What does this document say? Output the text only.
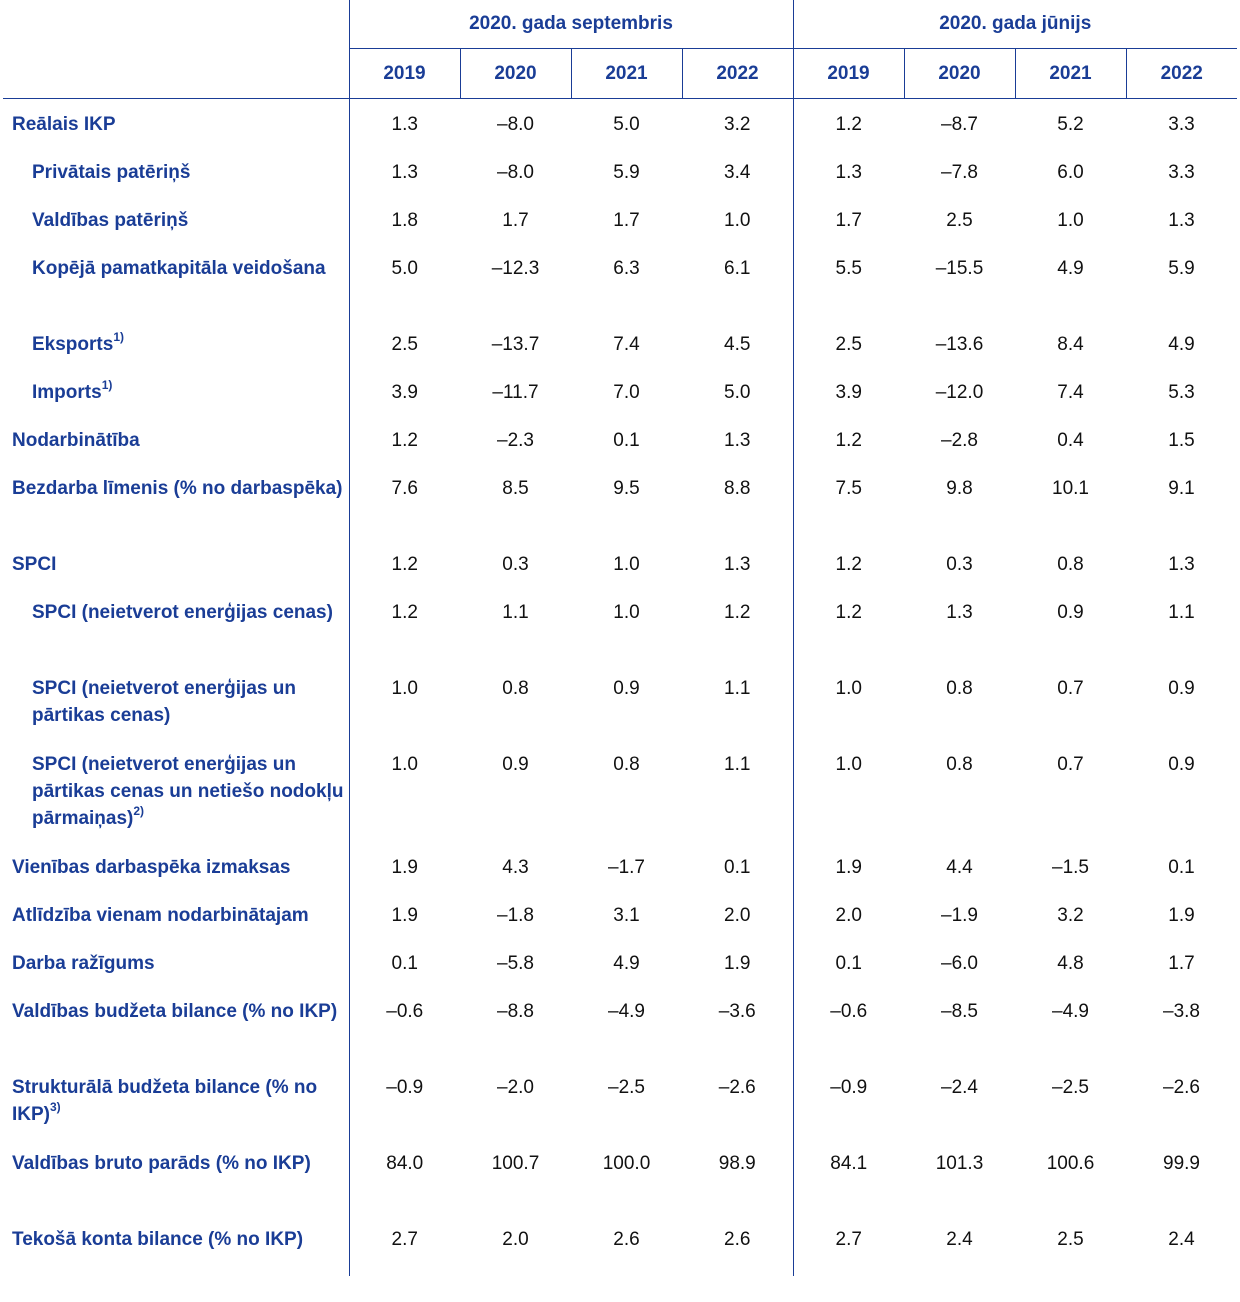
	2020. gada septembris				2020. gada jūnijs			
	2019	2020	2021	2022	2019	2020	2021	2022
Reālais IKP	1.3	–8.0	5.0	3.2	1.2	–8.7	5.2	3.3
Privātais patēriņš	1.3	–8.0	5.9	3.4	1.3	–7.8	6.0	3.3
Valdības patēriņš	1.8	1.7	1.7	1.0	1.7	2.5	1.0	1.3
Kopējā pamatkapitāla veidošana	5.0	–12.3	6.3	6.1	5.5	–15.5	4.9	5.9
Eksports$^{1)}$	2.5	–13.7	7.4	4.5	2.5	–13.6	8.4	4.9
Imports$^{1)}$	3.9	–11.7	7.0	5.0	3.9	–12.0	7.4	5.3
Nodarbinātība	1.2	–2.3	0.1	1.3	1.2	–2.8	0.4	1.5
Bezdarba līmenis (% no darbaspēka)	7.6	8.5	9.5	8.8	7.5	9.8	10.1	9.1
SPCI	1.2	0.3	1.0	1.3	1.2	0.3	0.8	1.3
SPCI (neietverot enerģijas cenas)	1.2	1.1	1.0	1.2	1.2	1.3	0.9	1.1
SPCI (neietverot enerģijas un pārtikas cenas)	1.0	0.8	0.9	1.1	1.0	0.8	0.7	0.9
SPCI (neietverot enerģijas un pārtikas cenas un netiešo nodokļu pārmaiņas)$^{2)}$	1.0	0.9	0.8	1.1	1.0	0.8	0.7	0.9
Vienības darbaspēka izmaksas	1.9	4.3	–1.7	0.1	1.9	4.4	–1.5	0.1
Atlīdzība vienam nodarbinātajam	1.9	–1.8	3.1	2.0	2.0	–1.9	3.2	1.9
Darba ražīgums	0.1	–5.8	4.9	1.9	0.1	–6.0	4.8	1.7
Valdības budžeta bilance (% no IKP)	–0.6	–8.8	–4.9	–3.6	–0.6	–8.5	–4.9	–3.8
Strukturālā budžeta bilance (% no IKP)$^{3)}$	–0.9	–2.0	–2.5	–2.6	–0.9	–2.4	–2.5	–2.6
Valdības bruto parāds (% no IKP)	84.0	100.7	100.0	98.9	84.1	101.3	100.6	99.9
Tekošā konta bilance (% no IKP)	2.7	2.0	2.6	2.6	2.7	2.4	2.5	2.4
